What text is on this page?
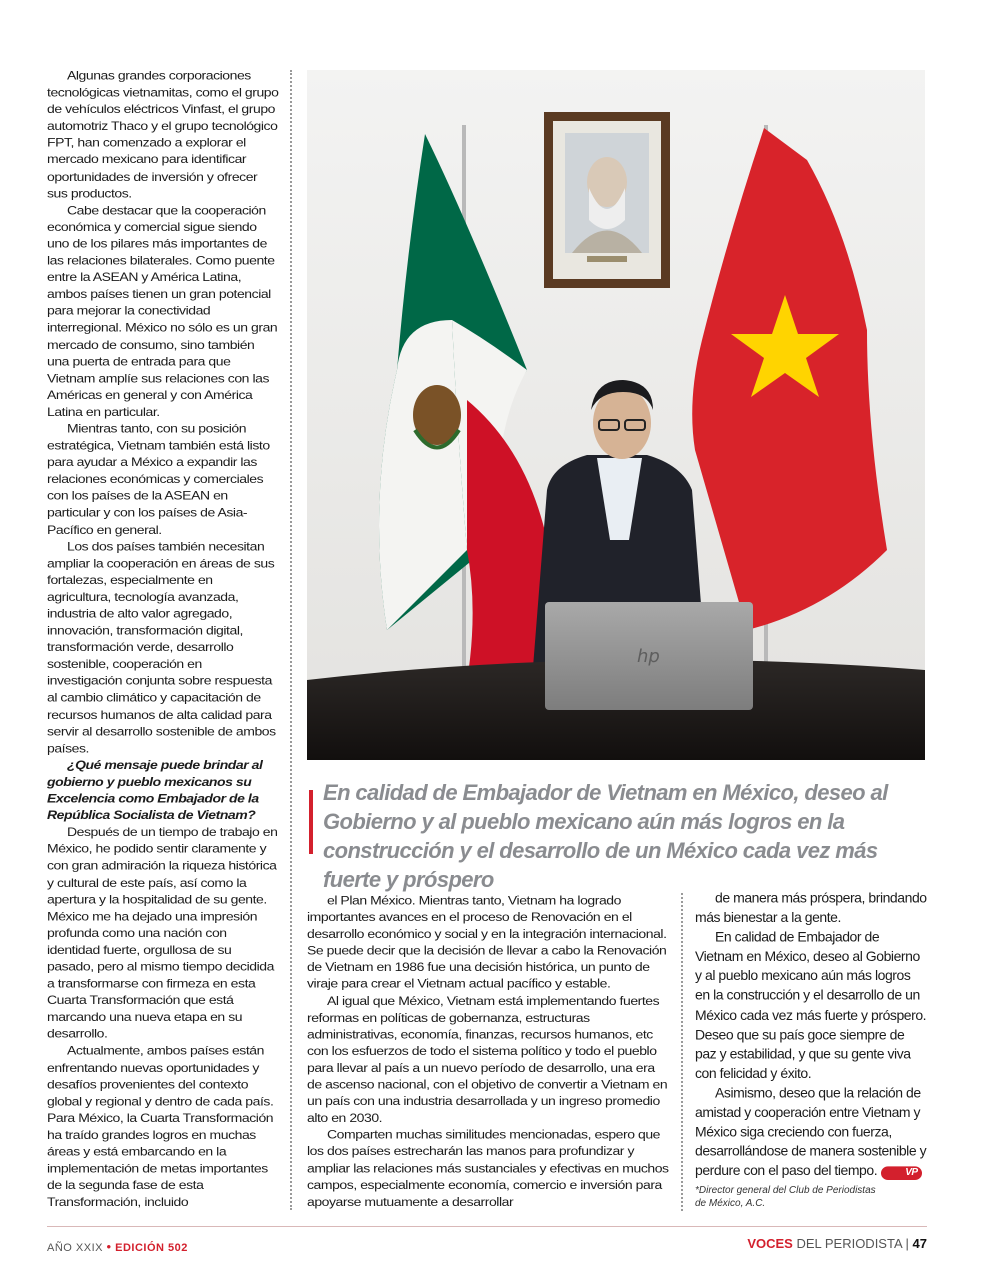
Algunas grandes corporaciones tecnológicas vietnamitas, como el grupo de vehículos eléctricos Vinfast, el grupo automotriz Thaco y el grupo tecnológico FPT, han comenzado a explorar el mercado mexicano para identificar oportunidades de inversión y ofrecer sus productos.

Cabe destacar que la cooperación económica y comercial sigue siendo uno de los pilares más importantes de las relaciones bilaterales. Como puente entre la ASEAN y América Latina, ambos países tienen un gran potencial para mejorar la conectividad interregional. México no sólo es un gran mercado de consumo, sino también una puerta de entrada para que Vietnam amplíe sus relaciones con las Américas en general y con América Latina en particular.

Mientras tanto, con su posición estratégica, Vietnam también está listo para ayudar a México a expandir las relaciones económicas y comerciales con los países de la ASEAN en particular y con los países de Asia-Pacífico en general.

Los dos países también necesitan ampliar la cooperación en áreas de sus fortalezas, especialmente en agricultura, tecnología avanzada, industria de alto valor agregado, innovación, transformación digital, transformación verde, desarrollo sostenible, cooperación en investigación conjunta sobre respuesta al cambio climático y capacitación de recursos humanos de alta calidad para servir al desarrollo sostenible de ambos países.

¿Qué mensaje puede brindar al gobierno y pueblo mexicanos su Excelencia como Embajador de la República Socialista de Vietnam?

Después de un tiempo de trabajo en México, he podido sentir claramente y con gran admiración la riqueza histórica y cultural de este país, así como la apertura y la hospitalidad de su gente. México me ha dejado una impresión profunda como una nación con identidad fuerte, orgullosa de su pasado, pero al mismo tiempo decidida a transformarse con firmeza en esta Cuarta Transformación que está marcando una nueva etapa en su desarrollo.

Actualmente, ambos países están enfrentando nuevas oportunidades y desafíos provenientes del contexto global y regional y dentro de cada país. Para México, la Cuarta Transformación ha traído grandes logros en muchas áreas y está embarcando en la implementación de metas importantes de la segunda fase de esta Transformación, incluido

hp
En calidad de Embajador de Vietnam en México, deseo al Gobierno y al pueblo mexicano aún más logros en la construcción y el desarrollo de un México cada vez más fuerte y próspero

el Plan México. Mientras tanto, Vietnam ha logrado importantes avances en el proceso de Renovación en el desarrollo económico y social y en la integración internacional. Se puede decir que la decisión de llevar a cabo la Renovación de Vietnam en 1986 fue una decisión histórica, un punto de viraje para crear el Vietnam actual pacífico y estable.

Al igual que México, Vietnam está implementando fuertes reformas en políticas de gobernanza, estructuras administrativas, economía, finanzas, recursos humanos, etc con los esfuerzos de todo el sistema político y todo el pueblo para llevar al país a un nuevo período de desarrollo, una era de ascenso nacional, con el objetivo de convertir a Vietnam en un país con una industria desarrollada y un ingreso promedio alto en 2030.

Comparten muchas similitudes mencionadas, espero que los dos países estrecharán las manos para profundizar y ampliar las relaciones más sustanciales y efectivas en muchos campos, especialmente economía, comercio e inversión para apoyarse mutuamente a desarrollar

de manera más próspera, brindando más bienestar a la gente.

En calidad de Embajador de Vietnam en México, deseo al Gobierno y al pueblo mexicano aún más logros en la construcción y el desarrollo de un México cada vez más fuerte y próspero. Deseo que su país goce siempre de paz y estabilidad, y que su gente viva con felicidad y éxito.

Asimismo, deseo que la relación de amistad y cooperación entre Vietnam y México siga creciendo con fuerza, desarrollándose de manera sostenible y perdure con el paso del tiempo.	VP

*Director general del Club de Periodistas
de México, A.C.
AÑO XXIX • EDICIÓN 502	VOCES DEL PERIODISTA | 47
